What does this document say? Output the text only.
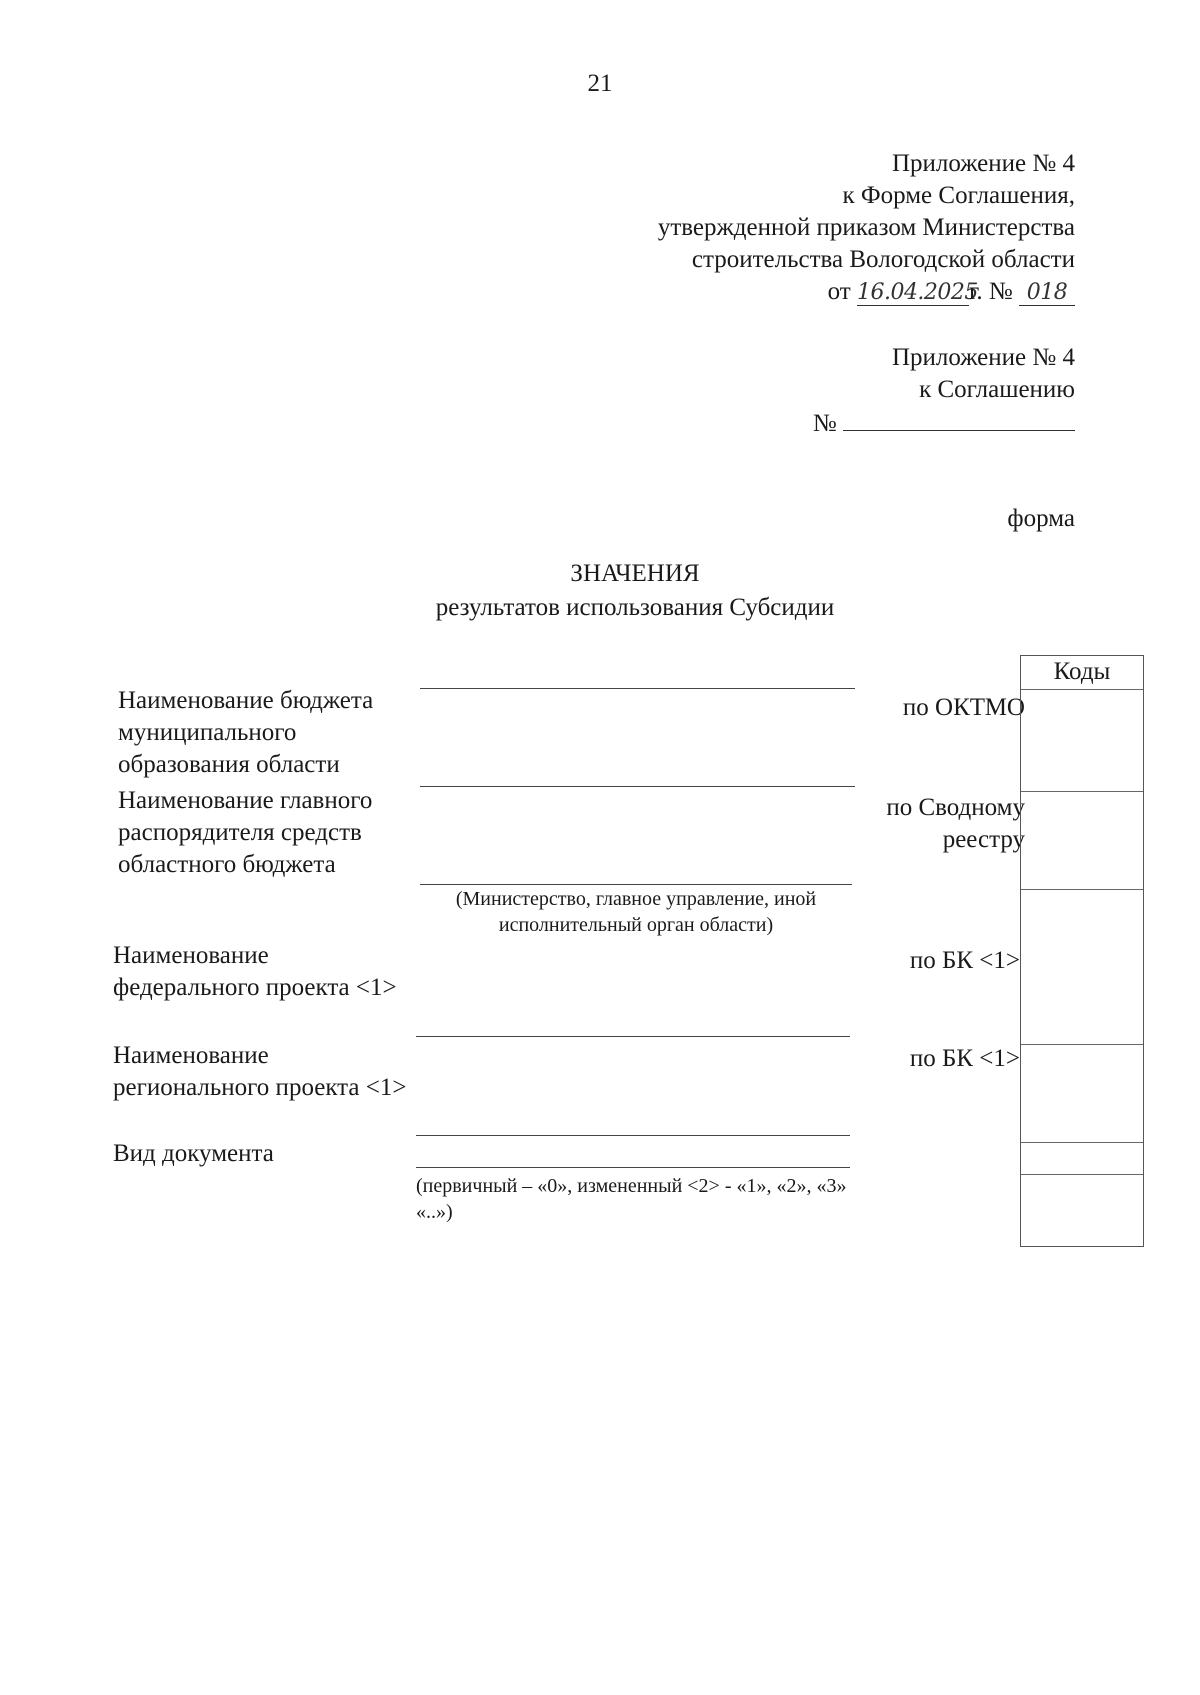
21
Приложение № 4
к Форме Соглашения,
утвержденной приказом Министерства
строительства Вологодской области
от 16.04.2025г. № 018
Приложение № 4
к Соглашению
№
форма
ЗНАЧЕНИЯ
результатов использования Субсидии
Наименование бюджета муниципального образования области
Наименование главного распорядителя средств областного бюджета
Наименование федерального проекта <1>
Наименование регионального проекта <1>
Вид документа
(Министерство, главное управление, иной исполнительный орган области)
(первичный – «0», измененный <2> - «1», «2», «3» «..»)
по ОКТМО
по Сводному
реестру
по БК <1>
по БК <1>
Коды
